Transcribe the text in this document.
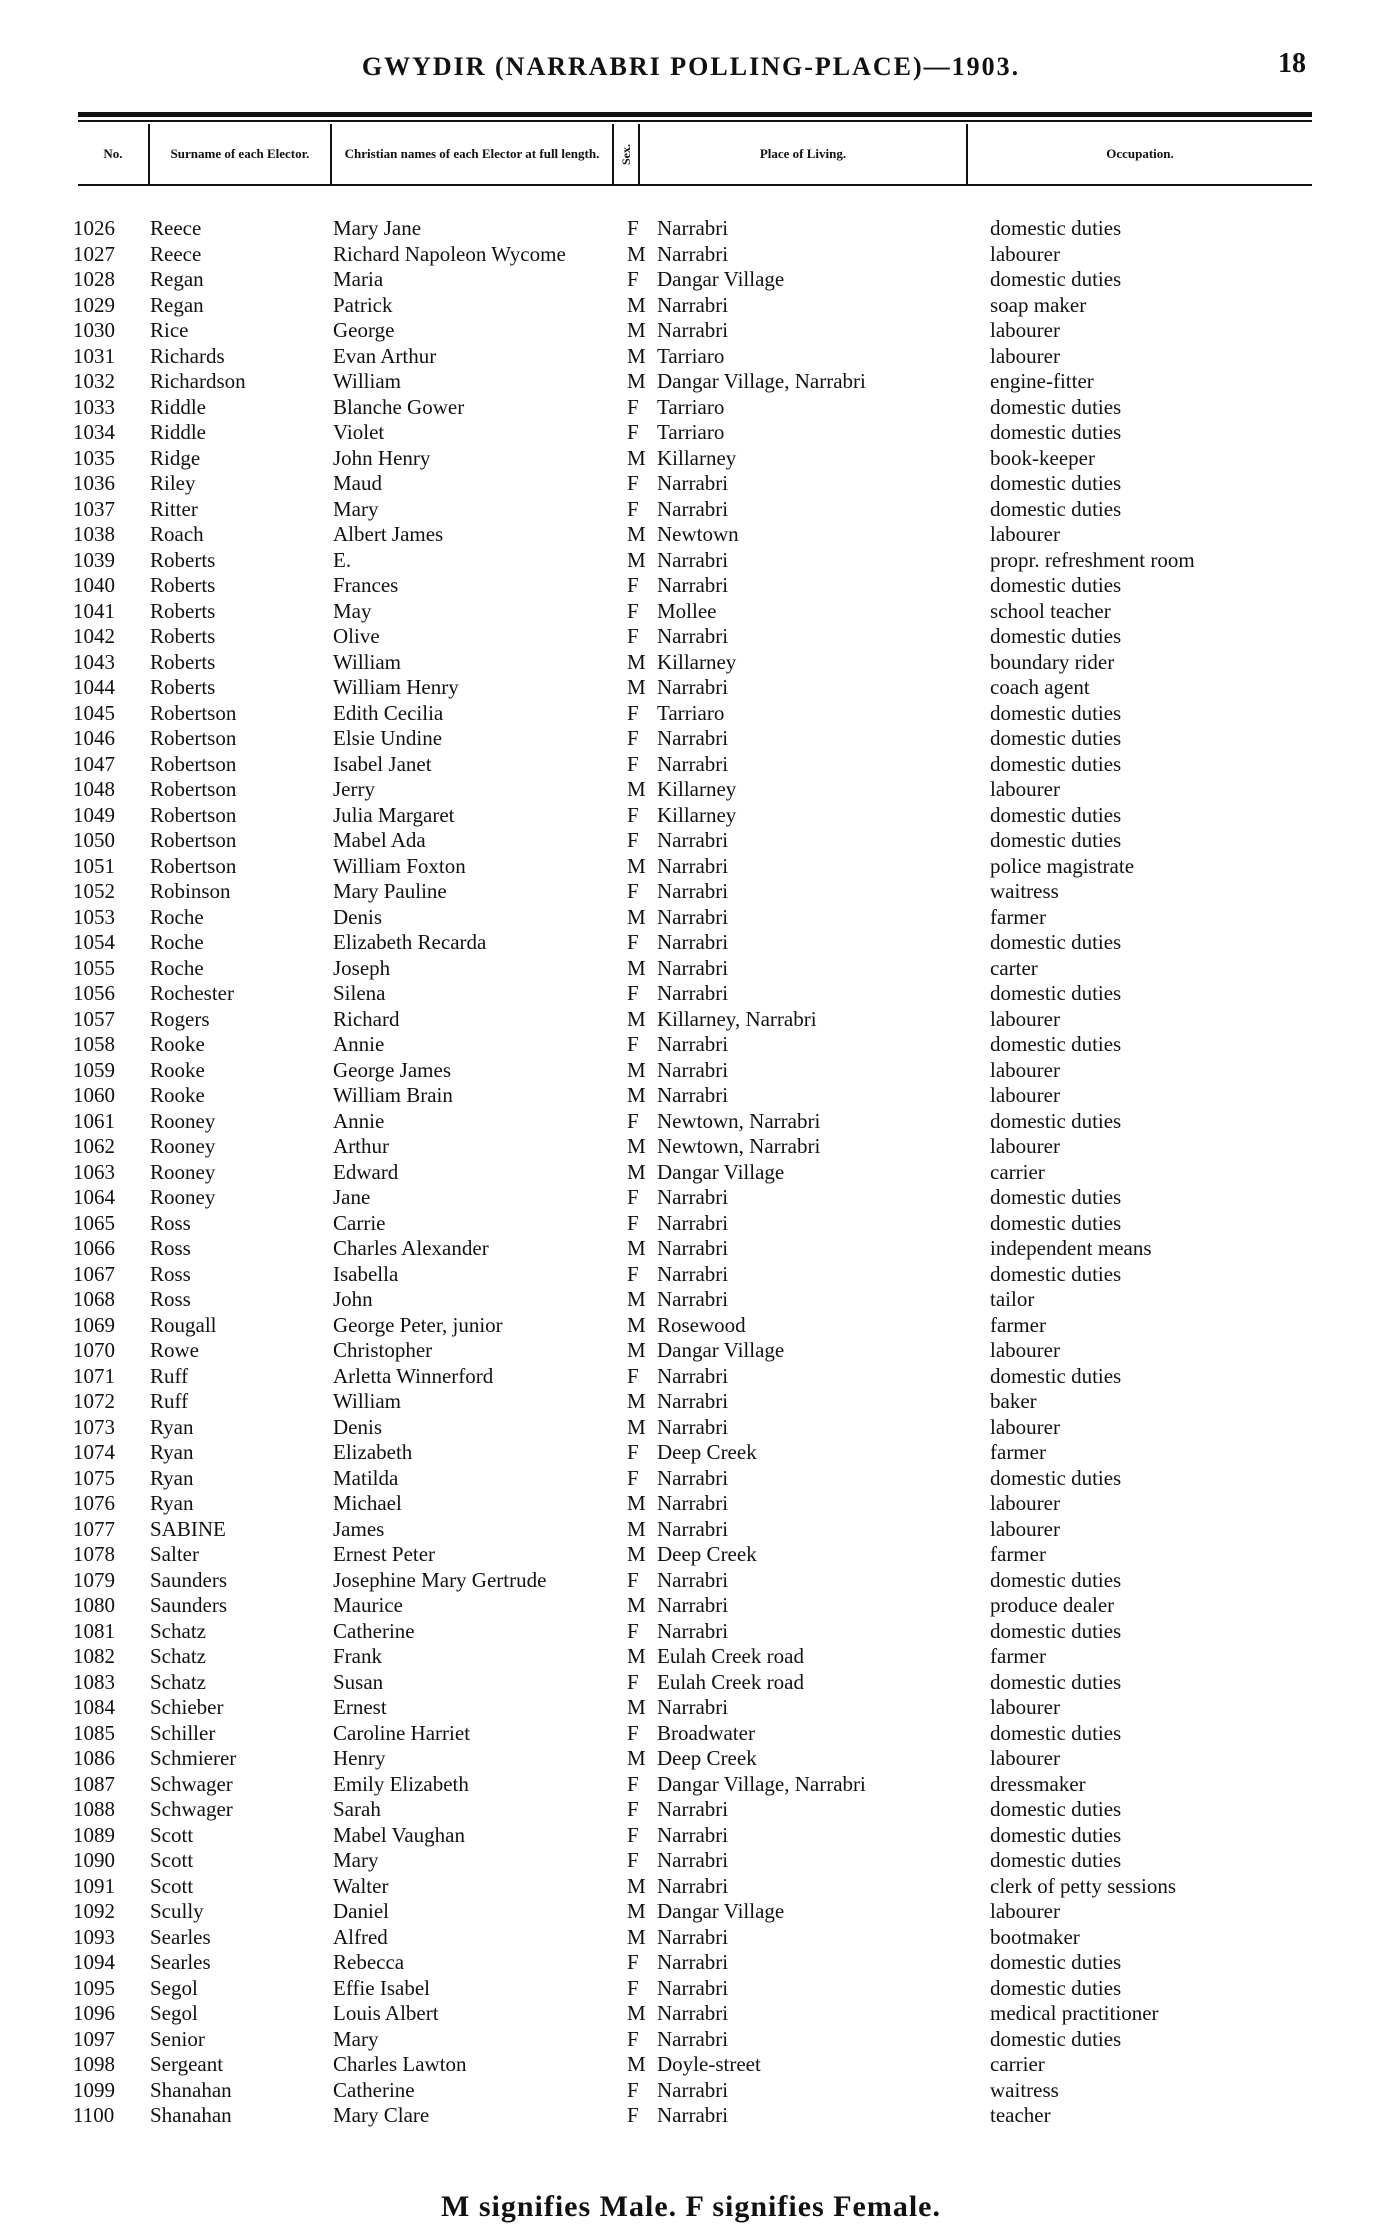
GWYDIR (NARRABRI POLLING-PLACE)—1903.	18
No.	Surname of each Elector.	Christian names of each Elector at full length.	Sex.	Place of Living.	Occupation.
1026 Reece	Mary Jane	F Narrabri	domestic duties
1027 Reece	Richard Napoleon Wycome	M Narrabri	labourer
1028 Regan	Maria	F Dangar Village	domestic duties
1029 Regan	Patrick	M Narrabri	soap maker
1030 Rice	George	M Narrabri	labourer
1031 Richards	Evan Arthur	M Tarriaro	labourer
1032 Richardson	William	M Dangar Village, Narrabri	engine-fitter
1033 Riddle	Blanche Gower	F Tarriaro	domestic duties
1034 Riddle	Violet	F Tarriaro	domestic duties
1035 Ridge	John Henry	M Killarney	book-keeper
1036 Riley	Maud	F Narrabri	domestic duties
1037 Ritter	Mary	F Narrabri	domestic duties
1038 Roach	Albert James	M Newtown	labourer
1039 Roberts	E.	M Narrabri	propr. refreshment room
1040 Roberts	Frances	F Narrabri	domestic duties
1041 Roberts	May	F Mollee	school teacher
1042 Roberts	Olive	F Narrabri	domestic duties
1043 Roberts	William	M Killarney	boundary rider
1044 Roberts	William Henry	M Narrabri	coach agent
1045 Robertson	Edith Cecilia	F Tarriaro	domestic duties
1046 Robertson	Elsie Undine	F Narrabri	domestic duties
1047 Robertson	Isabel Janet	F Narrabri	domestic duties
1048 Robertson	Jerry	M Killarney	labourer
1049 Robertson	Julia Margaret	F Killarney	domestic duties
1050 Robertson	Mabel Ada	F Narrabri	domestic duties
1051 Robertson	William Foxton	M Narrabri	police magistrate
1052 Robinson	Mary Pauline	F Narrabri	waitress
1053 Roche	Denis	M Narrabri	farmer
1054 Roche	Elizabeth Recarda	F Narrabri	domestic duties
1055 Roche	Joseph	M Narrabri	carter
1056 Rochester	Silena	F Narrabri	domestic duties
1057 Rogers	Richard	M Killarney, Narrabri	labourer
1058 Rooke	Annie	F Narrabri	domestic duties
1059 Rooke	George James	M Narrabri	labourer
1060 Rooke	William Brain	M Narrabri	labourer
1061 Rooney	Annie	F Newtown, Narrabri	domestic duties
1062 Rooney	Arthur	M Newtown, Narrabri	labourer
1063 Rooney	Edward	M Dangar Village	carrier
1064 Rooney	Jane	F Narrabri	domestic duties
1065 Ross	Carrie	F Narrabri	domestic duties
1066 Ross	Charles Alexander	M Narrabri	independent means
1067 Ross	Isabella	F Narrabri	domestic duties
1068 Ross	John	M Narrabri	tailor
1069 Rougall	George Peter, junior	M Rosewood	farmer
1070 Rowe	Christopher	M Dangar Village	labourer
1071 Ruff	Arletta Winnerford	F Narrabri	domestic duties
1072 Ruff	William	M Narrabri	baker
1073 Ryan	Denis	M Narrabri	labourer
1074 Ryan	Elizabeth	F Deep Creek	farmer
1075 Ryan	Matilda	F Narrabri	domestic duties
1076 Ryan	Michael	M Narrabri	labourer
1077 SABINE	James	M Narrabri	labourer
1078 Salter	Ernest Peter	M Deep Creek	farmer
1079 Saunders	Josephine Mary Gertrude	F Narrabri	domestic duties
1080 Saunders	Maurice	M Narrabri	produce dealer
1081 Schatz	Catherine	F Narrabri	domestic duties
1082 Schatz	Frank	M Eulah Creek road	farmer
1083 Schatz	Susan	F Eulah Creek road	domestic duties
1084 Schieber	Ernest	M Narrabri	labourer
1085 Schiller	Caroline Harriet	F Broadwater	domestic duties
1086 Schmierer	Henry	M Deep Creek	labourer
1087 Schwager	Emily Elizabeth	F Dangar Village, Narrabri	dressmaker
1088 Schwager	Sarah	F Narrabri	domestic duties
1089 Scott	Mabel Vaughan	F Narrabri	domestic duties
1090 Scott	Mary	F Narrabri	domestic duties
1091 Scott	Walter	M Narrabri	clerk of petty sessions
1092 Scully	Daniel	M Dangar Village	labourer
1093 Searles	Alfred	M Narrabri	bootmaker
1094 Searles	Rebecca	F Narrabri	domestic duties
1095 Segol	Effie Isabel	F Narrabri	domestic duties
1096 Segol	Louis Albert	M Narrabri	medical practitioner
1097 Senior	Mary	F Narrabri	domestic duties
1098 Sergeant	Charles Lawton	M Doyle-street	carrier
1099 Shanahan	Catherine	F Narrabri	waitress
1100 Shanahan	Mary Clare	F Narrabri	teacher
M signifies Male. F signifies Female.
